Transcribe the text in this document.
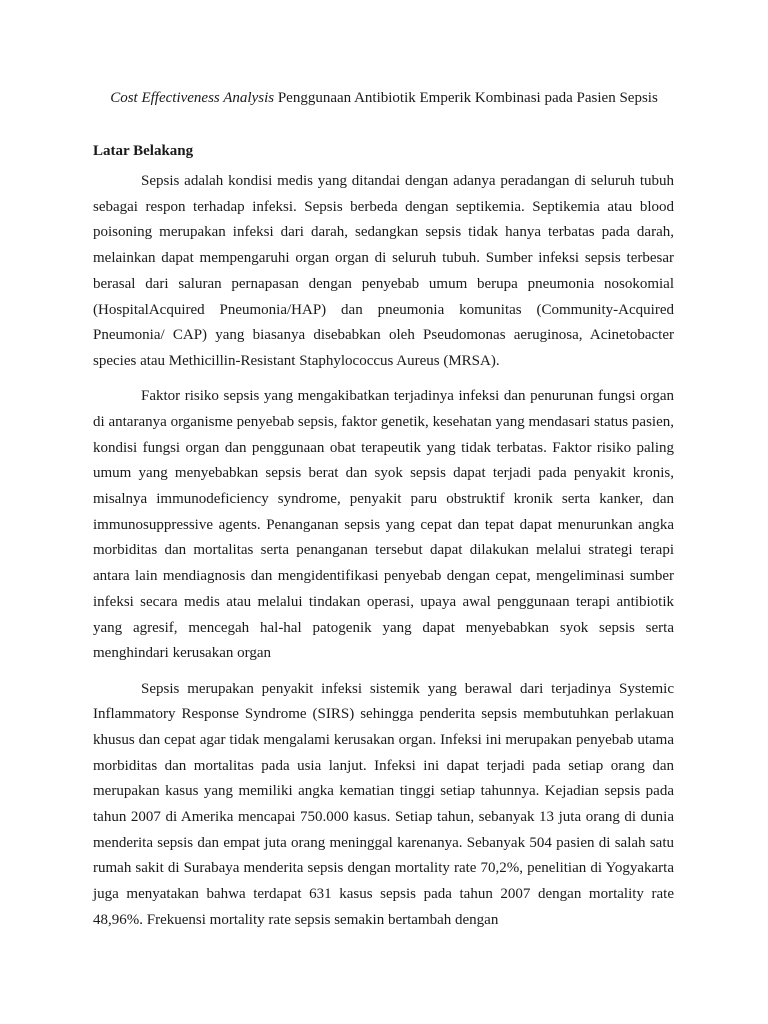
Cost Effectiveness Analysis Penggunaan Antibiotik Emperik Kombinasi pada Pasien Sepsis

Latar Belakang

Sepsis adalah kondisi medis yang ditandai dengan adanya peradangan di seluruh tubuh sebagai respon terhadap infeksi. Sepsis berbeda dengan septikemia. Septikemia atau blood poisoning merupakan infeksi dari darah, sedangkan sepsis tidak hanya terbatas pada darah, melainkan dapat mempengaruhi organ organ di seluruh tubuh. Sumber infeksi sepsis terbesar berasal dari saluran pernapasan dengan penyebab umum berupa pneumonia nosokomial (HospitalAcquired Pneumonia/HAP) dan pneumonia komunitas (Community-Acquired Pneumonia/ CAP) yang biasanya disebabkan oleh Pseudomonas aeruginosa, Acinetobacter species atau Methicillin-Resistant Staphylococcus Aureus (MRSA).

Faktor risiko sepsis yang mengakibatkan terjadinya infeksi dan penurunan fungsi organ di antaranya organisme penyebab sepsis, faktor genetik, kesehatan yang mendasari status pasien, kondisi fungsi organ dan penggunaan obat terapeutik yang tidak terbatas. Faktor risiko paling umum yang menyebabkan sepsis berat dan syok sepsis dapat terjadi pada penyakit kronis, misalnya immunodeficiency syndrome, penyakit paru obstruktif kronik serta kanker, dan immunosuppressive agents. Penanganan sepsis yang cepat dan tepat dapat menurunkan angka morbiditas dan mortalitas serta penanganan tersebut dapat dilakukan melalui strategi terapi antara lain mendiagnosis dan mengidentifikasi penyebab dengan cepat, mengeliminasi sumber infeksi secara medis atau melalui tindakan operasi, upaya awal penggunaan terapi antibiotik yang agresif, mencegah hal-hal patogenik yang dapat menyebabkan syok sepsis serta menghindari kerusakan organ

Sepsis merupakan penyakit infeksi sistemik yang berawal dari terjadinya Systemic Inflammatory Response Syndrome (SIRS) sehingga penderita sepsis membutuhkan perlakuan khusus dan cepat agar tidak mengalami kerusakan organ. Infeksi ini merupakan penyebab utama morbiditas dan mortalitas pada usia lanjut. Infeksi ini dapat terjadi pada setiap orang dan merupakan kasus yang memiliki angka kematian tinggi setiap tahunnya. Kejadian sepsis pada tahun 2007 di Amerika mencapai 750.000 kasus. Setiap tahun, sebanyak 13 juta orang di dunia menderita sepsis dan empat juta orang meninggal karenanya. Sebanyak 504 pasien di salah satu rumah sakit di Surabaya menderita sepsis dengan mortality rate 70,2%, penelitian di Yogyakarta juga menyatakan bahwa terdapat 631 kasus sepsis pada tahun 2007 dengan mortality rate 48,96%. Frekuensi mortality rate sepsis semakin bertambah dengan
